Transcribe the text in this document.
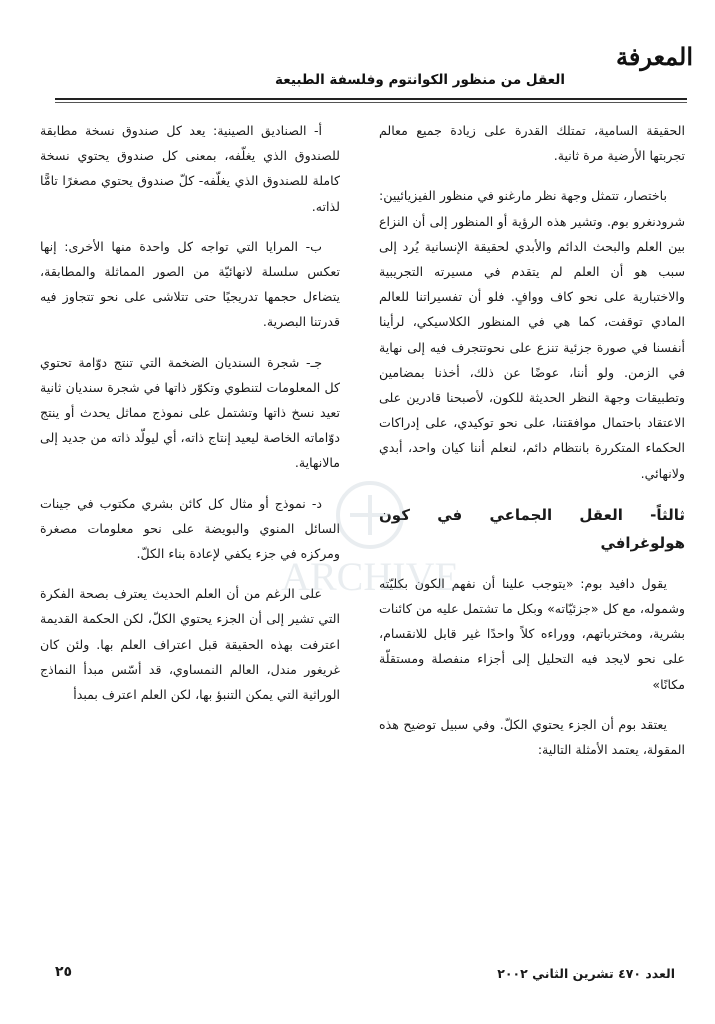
المعرفة
العقل من منظور الكوانتوم وفلسفة الطبيعة

الحقيقة السامية، تمتلك القدرة على زيادة جميع معالم تجربتها الأرضية مرة ثانية.

باختصار، تتمثل وجهة نظر مارغنو في منظور الفيزيائيين: شرودنغرو بوم. وتشير هذه الرؤية أو المنظور إلى أن النزاع بين العلم والبحث الدائم والأبدي لحقيقة الإنسانية يُرد إلى سبب هو أن العلم لم يتقدم في مسيرته التجريبية والاختبارية على نحو كاف ووافٍ. فلو أن تفسيراتنا للعالم المادي توقفت، كما هي في المنظور الكلاسيكي، لرأينا أنفسنا في صورة جزئية تنزع على نحوتتجرف فيه إلى نهاية في الزمن. ولو أننا، عوضًا عن ذلك، أخذنا بمضامين وتطبيقات وجهة النظر الحديثة للكون، لأصبحنا قادرين على الاعتقاد باحتمال موافقتنا، على نحو توكيدي، على إدراكات الحكماء المتكررة بانتظام دائم، لنعلم أننا كيان واحد، أبدي ولانهائي.

ثالثاً- العقل الجماعي في كون هولوغرافي

يقول دافيد بوم: «يتوجب علينا أن نفهم الكون بكليّته وشموله، مع كل «جزئيّاته» وبكل ما تشتمل عليه من كائنات بشرية، ومخترباتهم، ووراءه كلاً واحدًا غير قابل للانقسام، على نحو لايجد فيه التحليل إلى أجزاء منفصلة ومستقلّة مكانًا»

يعتقد بوم أن الجزء يحتوي الكلّ. وفي سبيل توضيح هذه المقولة، يعتمد الأمثلة التالية:

أ- الصناديق الصينية: يعد كل صندوق نسخة مطابقة للصندوق الذي يغلّفه، بمعنى كل صندوق يحتوي نسخة كاملة للصندوق الذي يغلّفه- كلّ صندوق يحتوي مصغرًا تامًّا لذاته.

ب- المرايا التي تواجه كل واحدة منها الأخرى: إنها تعكس سلسلة لانهائيّة من الصور المماثلة والمطابقة، يتضاءل حجمها تدريجيًا حتى تتلاشى على نحو تتجاوز فيه قدرتنا البصرية.

جـ- شجرة السنديان الضخمة التي تنتج دوّامة تحتوي كل المعلومات لتنطوي وتكوّر ذاتها في شجرة سنديان ثانية تعيد نسخ ذاتها وتشتمل على نموذج مماثل يحدث أو ينتج دوّاماته الخاصة ليعيد إنتاج ذاته، أي ليولّد ذاته من جديد إلى مالانهاية.

د- نموذج أو مثال كل كائن بشري مكتوب في جينات السائل المنوي والبويضة على نحو معلومات مصغرة ومركزه في جزء يكفي لإعادة بناء الكلّ.

على الرغم من أن العلم الحديث يعترف بصحة الفكرة التي تشير إلى أن الجزء يحتوي الكلّ، لكن الحكمة القديمة اعترفت بهذه الحقيقة قبل اعتراف العلم بها. ولئن كان غريغور مندل، العالم النمساوي، قد أسّس مبدأ النماذج الوراثية التي يمكن التنبؤ بها، لكن العلم اعترف بمبدأ

ARCHIVE
العدد ٤٧٠ تشرين الثاني ٢٠٠٢
٢٥
